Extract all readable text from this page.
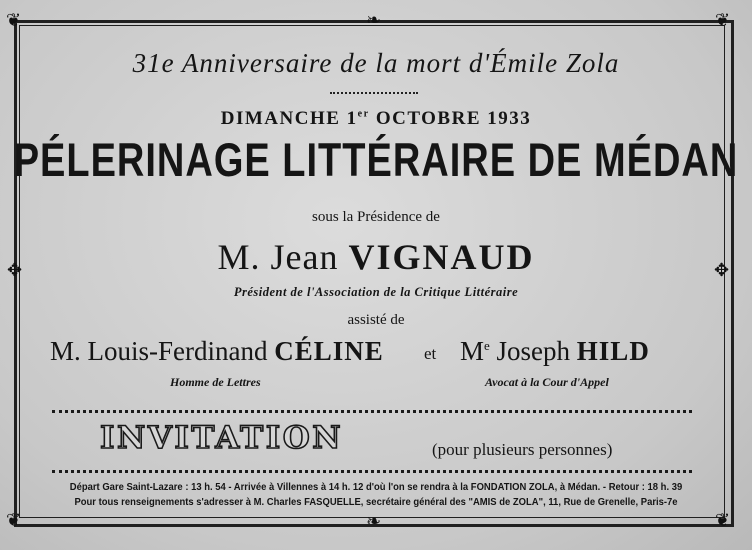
❦	❦
❦	❦
❧
❧
✥	✥
31e Anniversaire de la mort d'Émile Zola
DIMANCHE 1er OCTOBRE 1933
PÉLERINAGE LITTÉRAIRE DE MÉDAN
sous la Présidence de
M. Jean VIGNAUD
Président de l'Association de la Critique Littéraire
assisté de
M. Louis-Ferdinand CÉLINE et Me Joseph HILD
Homme de Lettres	Avocat à la Cour d'Appel
INVITATION	(pour plusieurs personnes)
Départ Gare Saint-Lazare : 13 h. 54 - Arrivée à Villennes à 14 h. 12 d'où l'on se rendra à la FONDATION ZOLA, à Médan. - Retour : 18 h. 39
Pour tous renseignements s'adresser à M. Charles FASQUELLE, secrétaire général des "AMIS de ZOLA", 11, Rue de Grenelle, Paris-7e
